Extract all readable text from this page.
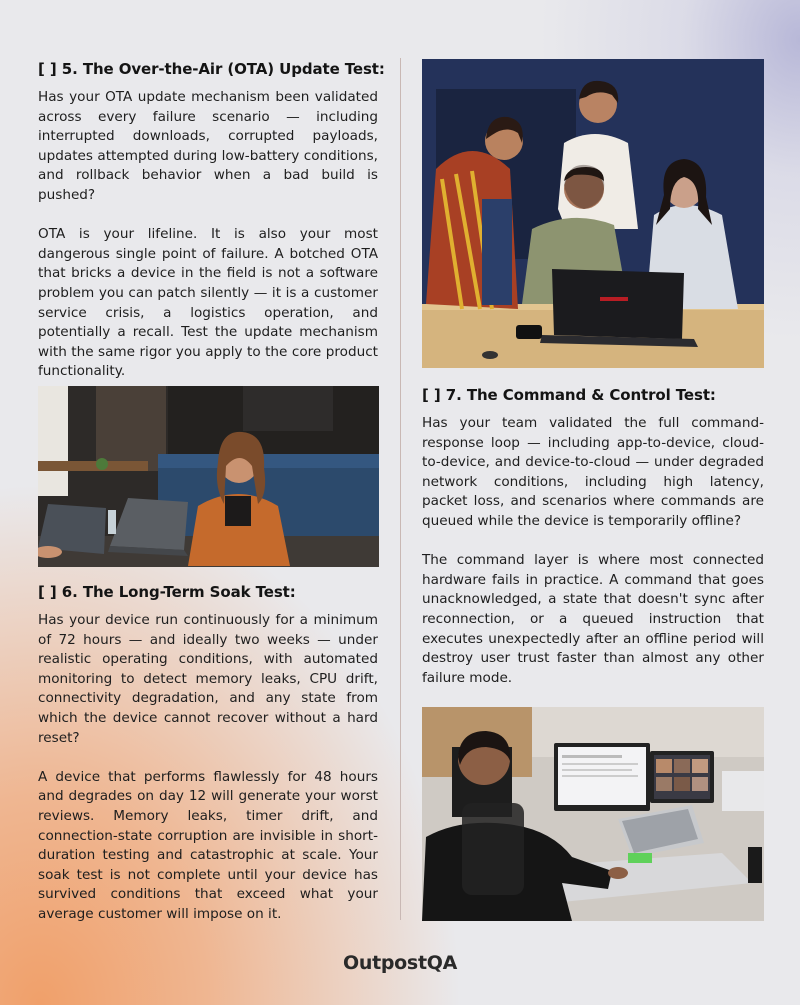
[ ] 5. The Over-the-Air (OTA) Update Test:

Has your OTA update mechanism been validated across every failure scenario — including interrupted downloads, corrupted payloads, updates attempted during low-battery conditions, and rollback behavior when a bad build is pushed?

OTA is your lifeline. It is also your most dangerous single point of failure. A botched OTA that bricks a device in the field is not a software problem you can patch silently — it is a customer service crisis, a logistics operation, and potentially a recall. Test the update mechanism with the same rigor you apply to the core product functionality.

[ ] 6. The Long-Term Soak Test:

Has your device run continuously for a minimum of 72 hours — and ideally two weeks — under realistic operating conditions, with automated monitoring to detect memory leaks, CPU drift, connectivity degradation, and any state from which the device cannot recover without a hard reset?

A device that performs flawlessly for 48 hours and degrades on day 12 will generate your worst reviews. Memory leaks, timer drift, and connection-state corruption are invisible in short-duration testing and catastrophic at scale. Your soak test is not complete until your device has survived conditions that exceed what your average customer will impose on it.

[ ] 7. The Command & Control Test:

Has your team validated the full command-response loop — including app-to-device, cloud-to-device, and device-to-cloud — under degraded network conditions, including high latency, packet loss, and scenarios where commands are queued while the device is temporarily offline?

The command layer is where most connected hardware fails in practice. A command that goes unacknowledged, a state that doesn't sync after reconnection, or a queued instruction that executes unexpectedly after an offline period will destroy user trust faster than almost any other failure mode.

OutpostQA
